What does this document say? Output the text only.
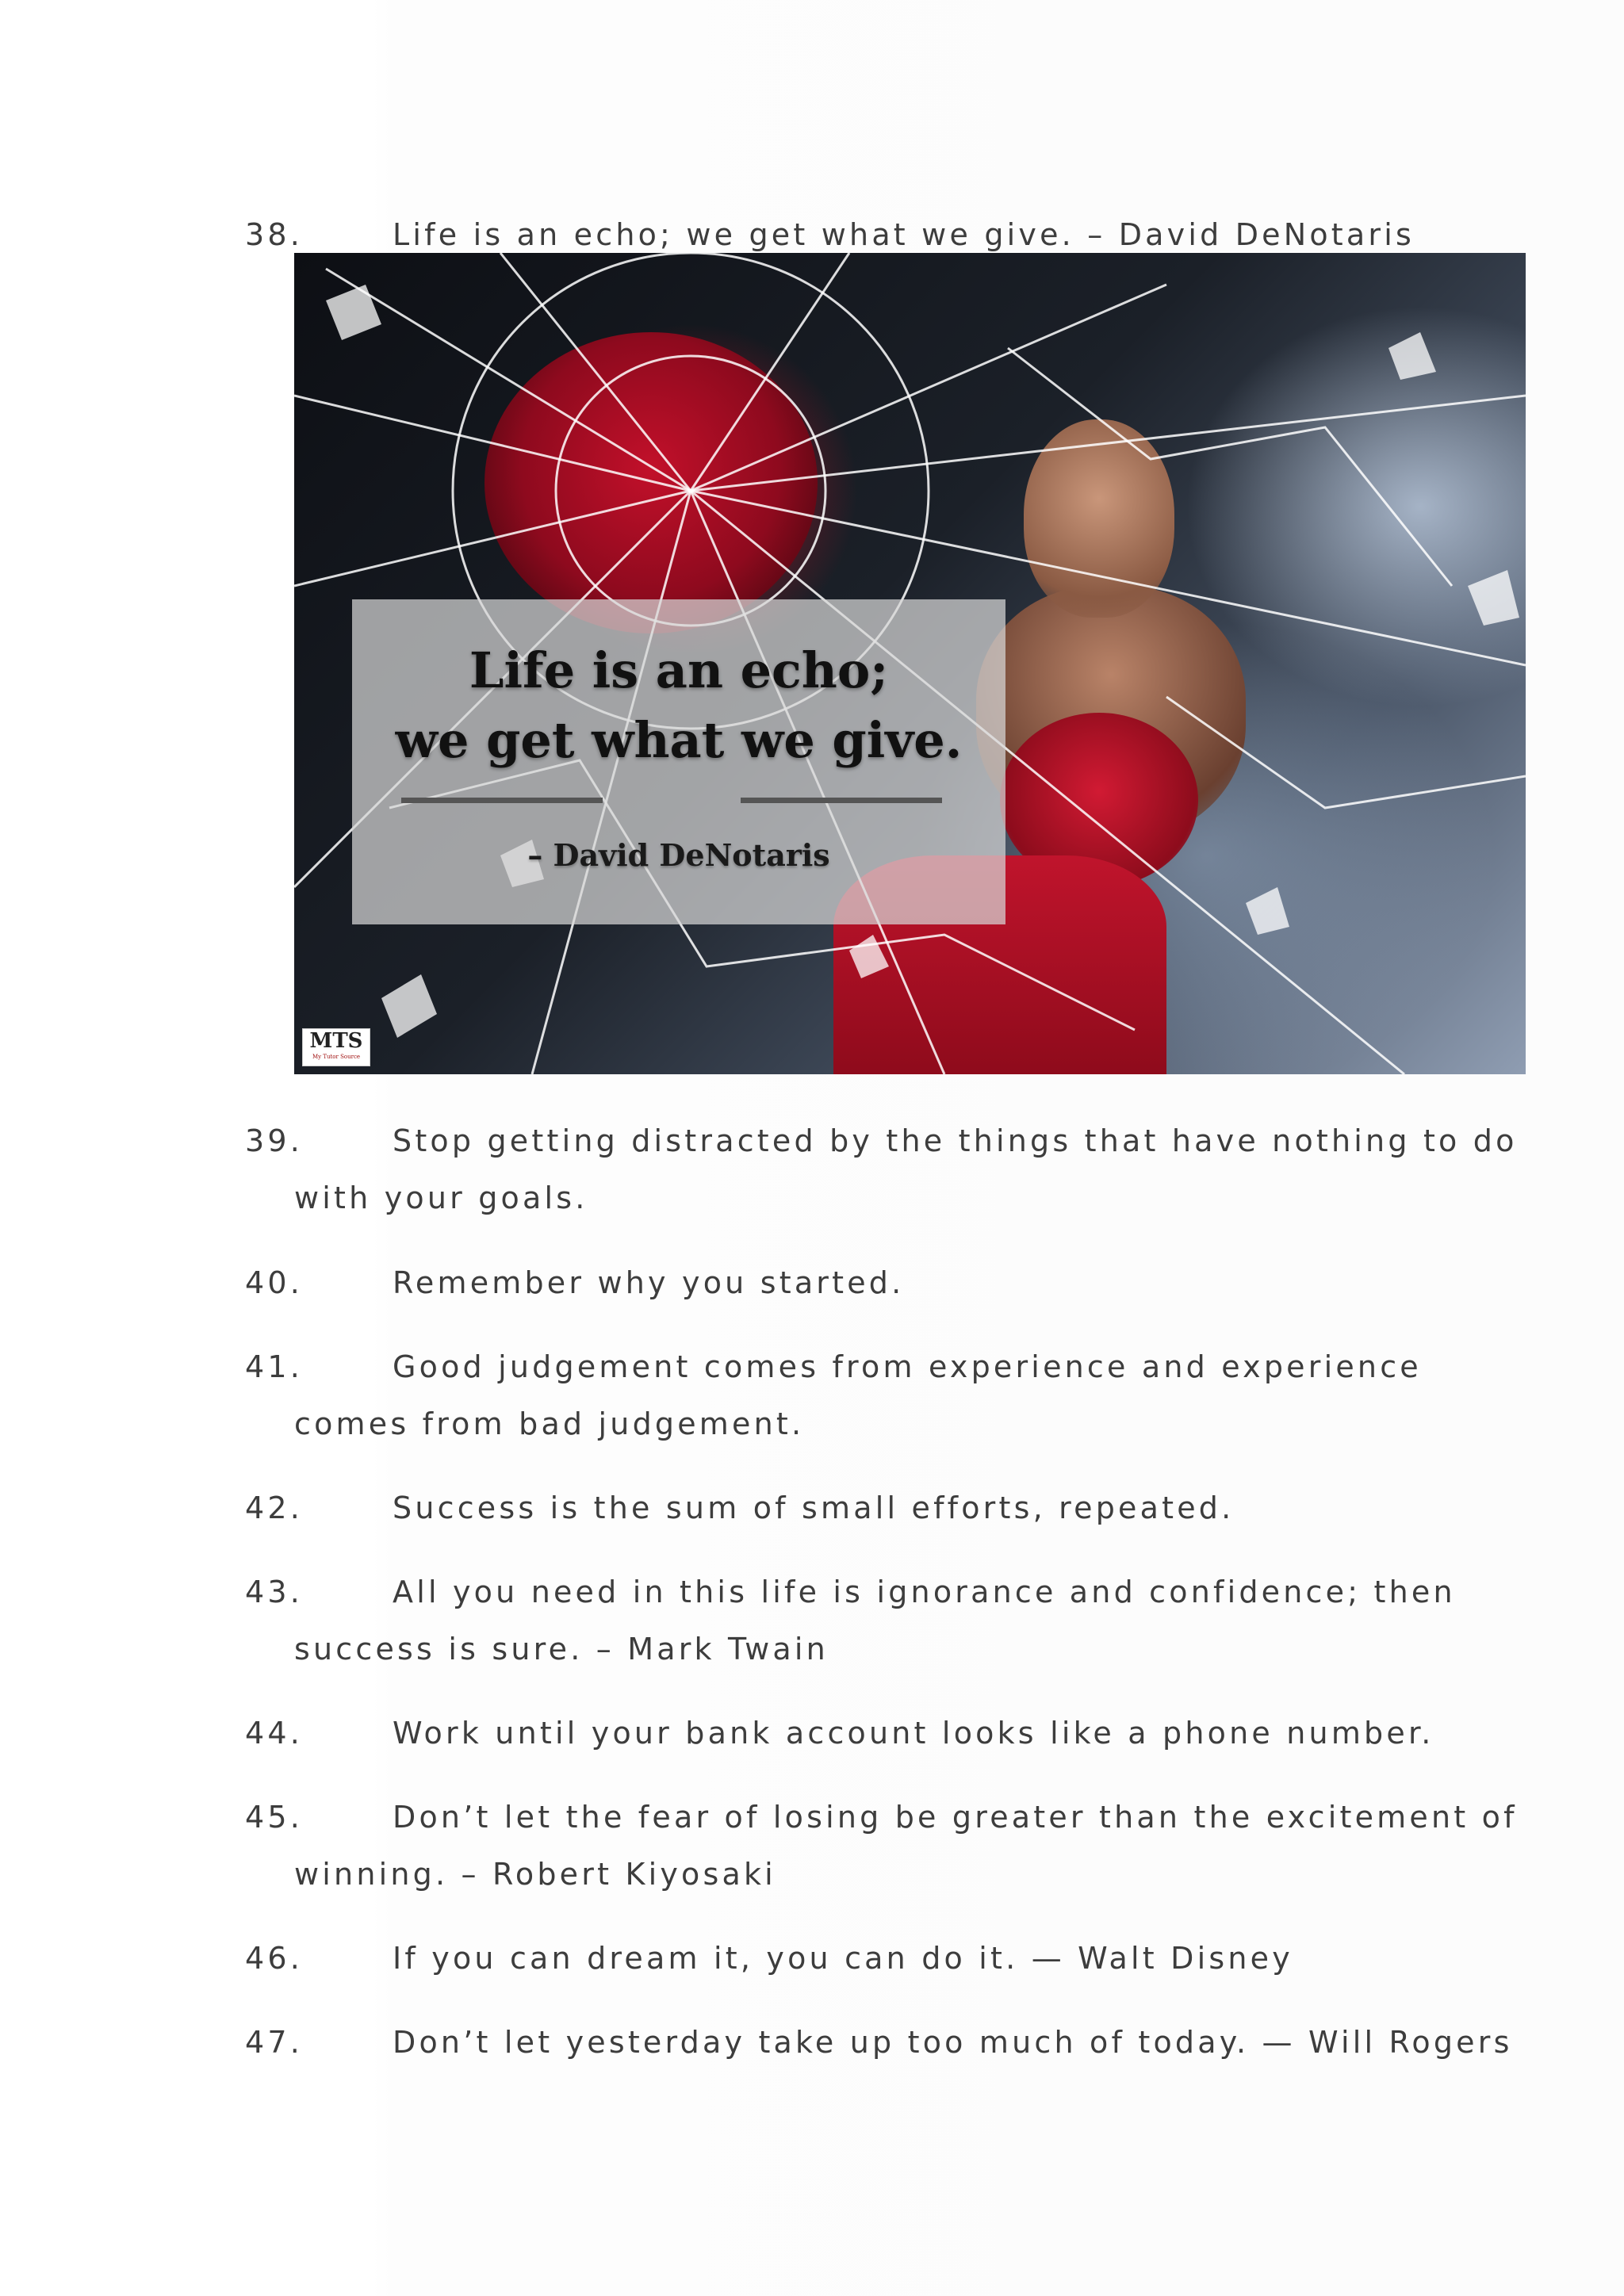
38.	Life is an echo; we get what we give. – David DeNotaris
Life is an echo;
we get what we give.
– David DeNotaris
MTS
My Tutor Source
39.	Stop getting distracted by the things that have nothing to do
with your goals.
40.	Remember why you started.
41.	Good judgement comes from experience and experience
comes from bad judgement.
42.	Success is the sum of small efforts, repeated.
43.	All you need in this life is ignorance and confidence; then
success is sure. – Mark Twain
44.	Work until your bank account looks like a phone number.
45.	Don’t let the fear of losing be greater than the excitement of
winning. – Robert Kiyosaki
46.	If you can dream it, you can do it. — Walt Disney
47.	Don’t let yesterday take up too much of today. — Will Rogers
